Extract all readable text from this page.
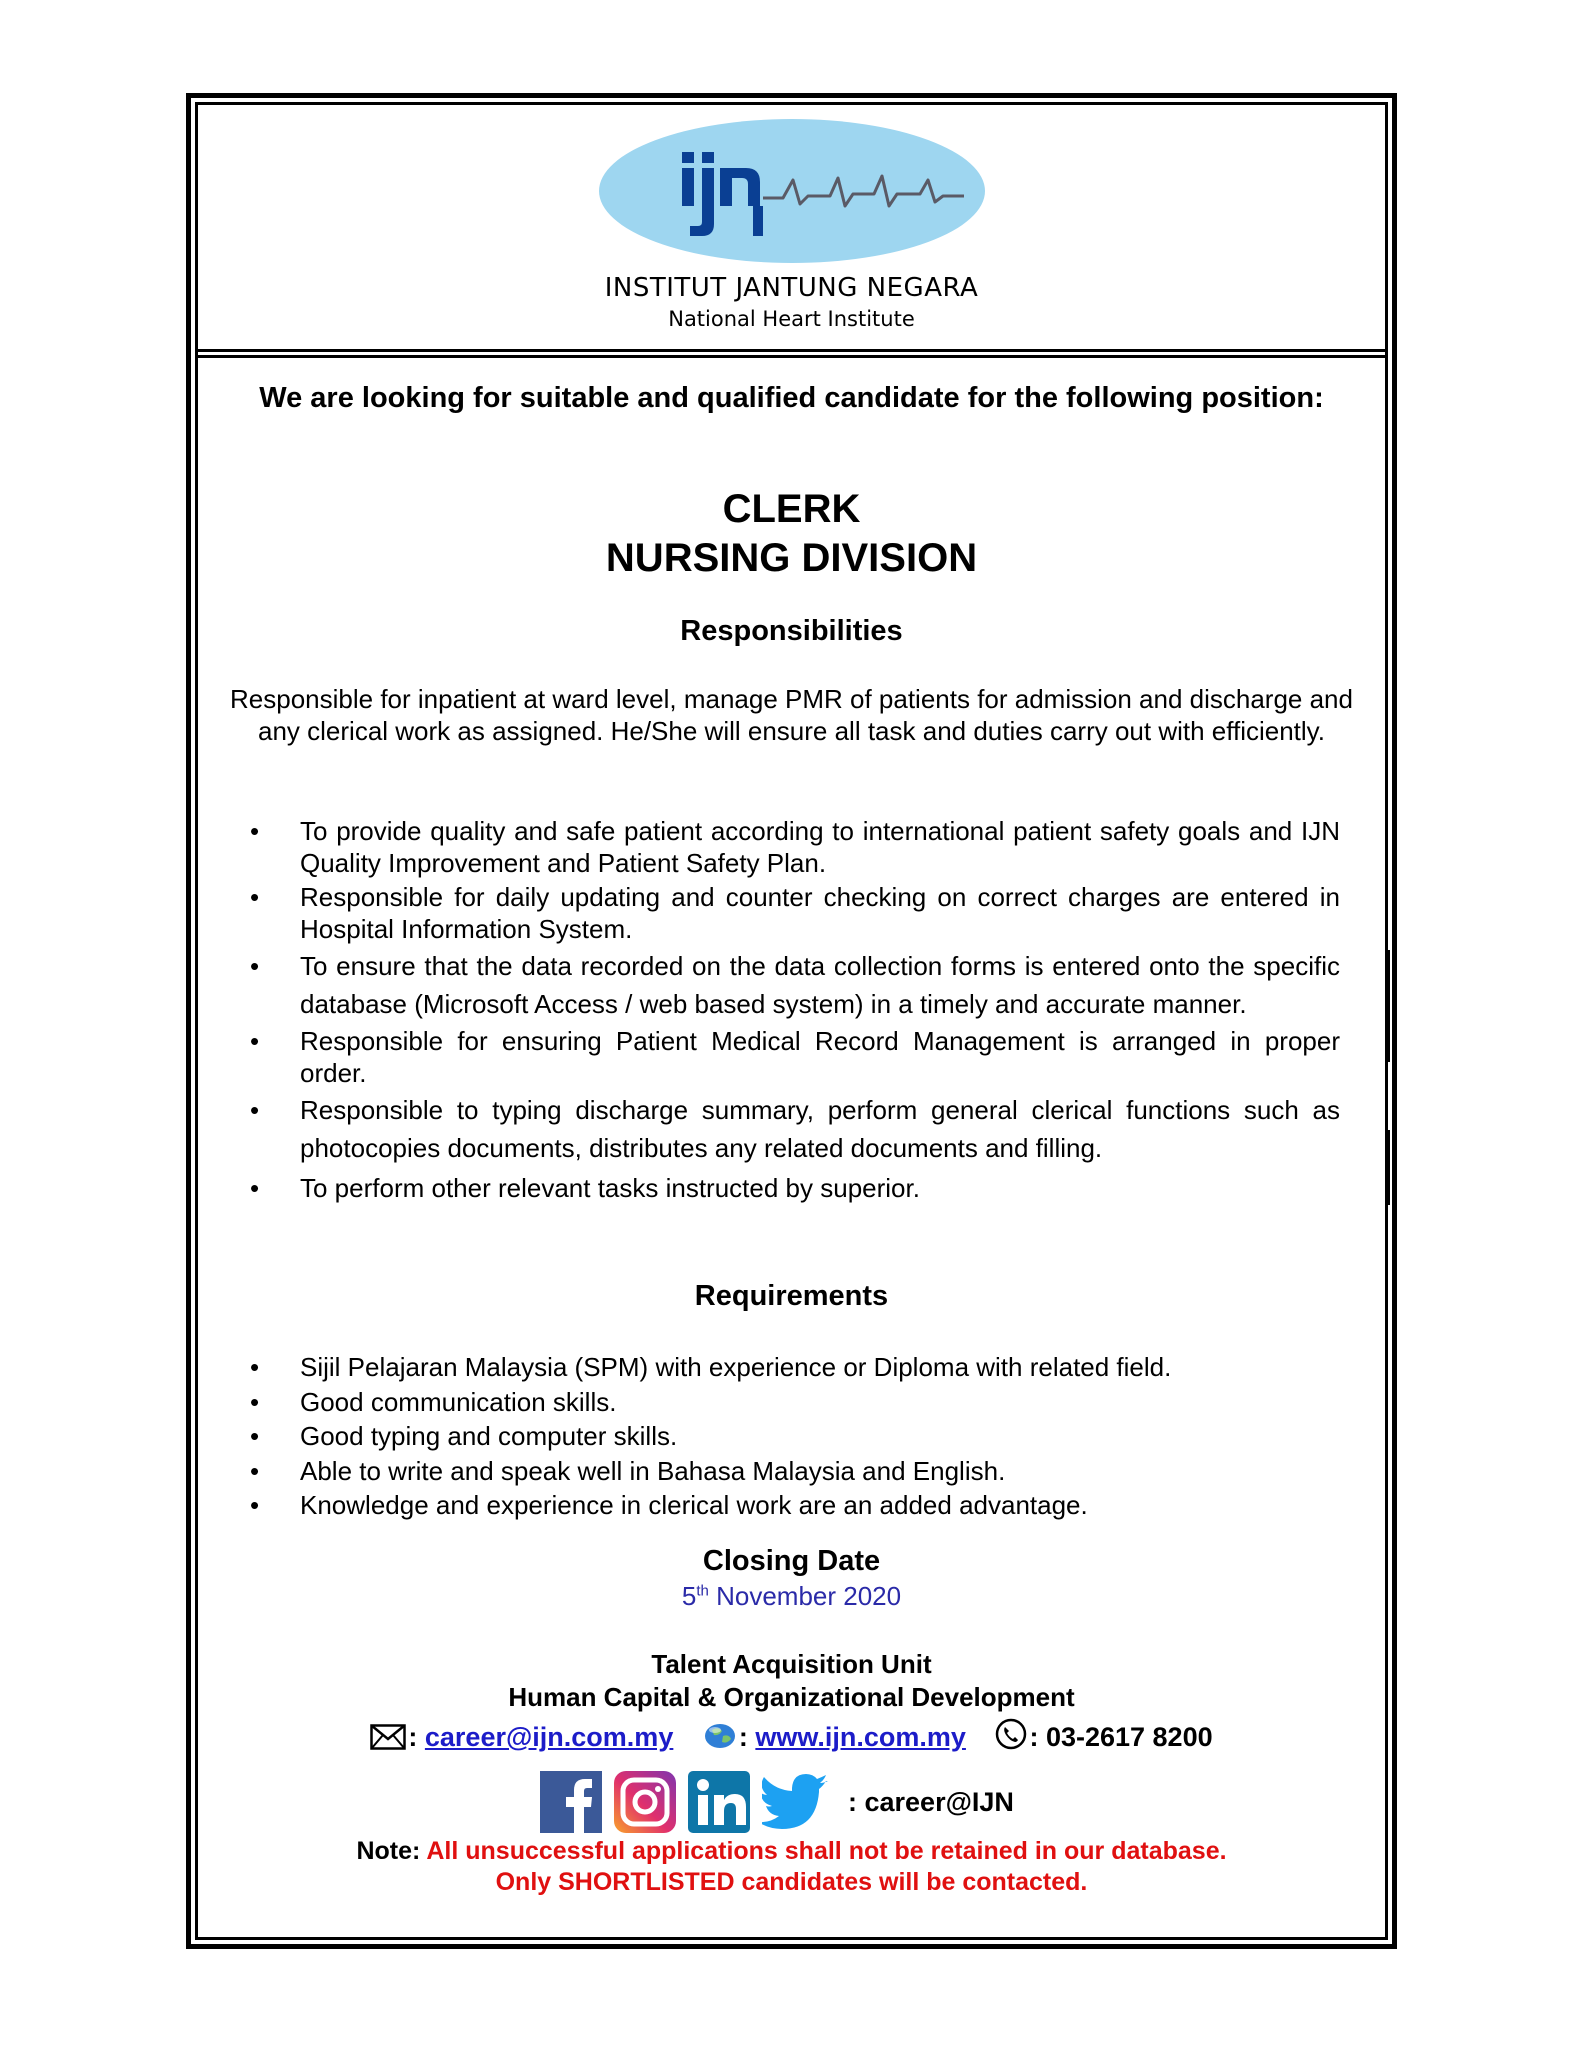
INSTITUT JANTUNG NEGARA
National Heart Institute
We are looking for suitable and qualified candidate for the following position:
CLERK
NURSING DIVISION
Responsibilities
Responsible for inpatient at ward level, manage PMR of patients for admission and discharge and any clerical work as assigned. He/She will ensure all task and duties carry out with efficiently.
• To provide quality and safe patient according to international patient safety goals and IJN Quality Improvement and Patient Safety Plan.
• Responsible for daily updating and counter checking on correct charges are entered in Hospital Information System.
• To ensure that the data recorded on the data collection forms is entered onto the specific database (Microsoft Access / web based system) in a timely and accurate manner.
• Responsible for ensuring Patient Medical Record Management is arranged in proper order.
• Responsible to typing discharge summary, perform general clerical functions such as photocopies documents, distributes any related documents and filling.
• To perform other relevant tasks instructed by superior.
Requirements
• Sijil Pelajaran Malaysia (SPM) with experience or Diploma with related field.
• Good communication skills.
• Good typing and computer skills.
• Able to write and speak well in Bahasa Malaysia and English.
• Knowledge and experience in clerical work are an added advantage.
Closing Date
5th November 2020
Talent Acquisition Unit
Human Capital & Organizational Development
: career@ijn.com.my : www.ijn.com.my : 03-2617 8200
: career@IJN
Note: All unsuccessful applications shall not be retained in our database.
Only SHORTLISTED candidates will be contacted.
